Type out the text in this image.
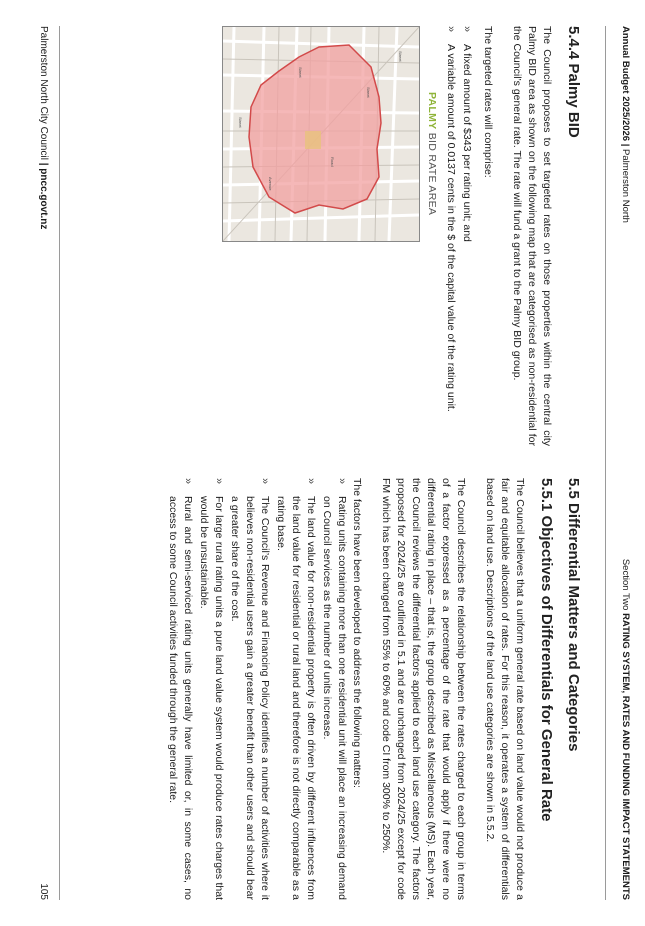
Annual Budget 2025/2026 | Palmerston North
Section Two RATING SYSTEM, RATES AND FUNDING IMPACT STATEMENTS
5.4.4 Palmy BID

The Council proposes to set targeted rates on those properties within the central city Palmy BID area as shown on the following map that are categorised as non-residential for the Council’s general rate. The rate will fund a grant to the Palmy BID group.

The targeted rates will comprise:

»
A fixed amount of $343 per rating unit; and
»
A variable amount of 0.0137 cents in the $ of the capital value of the rating unit.
PALMY BID RATE AREA
Street
Street
Road
Street
Avenue
Street
5.5 Differential Matters and Categories
5.5.1 Objectives of Differentials for General Rate

The Council believes that a uniform general rate based on land value would not produce a fair and equitable allocation of rates. For this reason, it operates a system of differentials based on land use. Descriptions of the land use categories are shown in 5.5.2.

The Council describes the relationship between the rates charged to each group in terms of a factor expressed as a percentage of the rate that would apply if there were no differential rating in place – that is, the group described as Miscellaneous (MS). Each year, the Council reviews the differential factors applied to each land use category. The factors proposed for 2024/25 are outlined in 5.1 and are unchanged from 2024/25 except for code FM which has been changed from 55% to 60% and code CI from 300% to 250%.

The factors have been developed to address the following matters:

»
Rating units containing more than one residential unit will place an increasing demand on Council services as the number of units increase.
»
The land value for non-residential property is often driven by different influences from the land value for residential or rural land and therefore is not directly comparable as a rating base.
»
The Council’s Revenue and Financing Policy identifies a number of activities where it believes non-residential users gain a greater benefit than other users and should bear a greater share of the cost.
»
For large rural rating units a pure land value system would produce rates charges that would be unsustainable.
»
Rural and semi-serviced rating units generally have limited or, in some cases, no access to some Council activities funded through the general rate.
Palmerston North City Council | pncc.govt.nz
105
